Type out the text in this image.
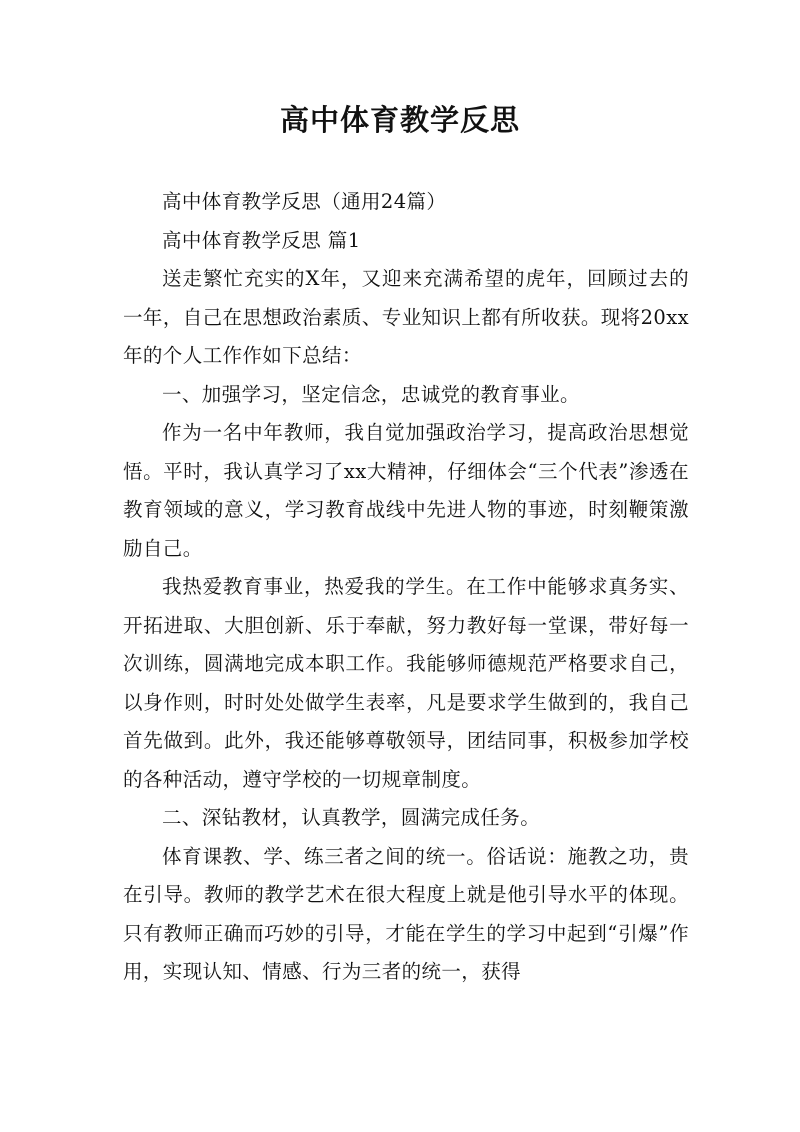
高中体育教学反思

高中体育教学反思（通用24篇）

高中体育教学反思 篇1

送走繁忙充实的X年，又迎来充满希望的虎年，回顾过去的一年，自己在思想政治素质、专业知识上都有所收获。现将20xx年的个人工作作如下总结：

一、加强学习，坚定信念，忠诚党的教育事业。

作为一名中年教师，我自觉加强政治学习，提高政治思想觉悟。平时，我认真学习了xx大精神，仔细体会“三个代表”渗透在教育领域的意义，学习教育战线中先进人物的事迹，时刻鞭策激励自己。

我热爱教育事业，热爱我的学生。在工作中能够求真务实、开拓进取、大胆创新、乐于奉献，努力教好每一堂课，带好每一次训练，圆满地完成本职工作。我能够师德规范严格要求自己，以身作则，时时处处做学生表率，凡是要求学生做到的，我自己首先做到。此外，我还能够尊敬领导，团结同事，积极参加学校的各种活动，遵守学校的一切规章制度。

二、深钻教材，认真教学，圆满完成任务。

体育课教、学、练三者之间的统一。俗话说：施教之功，贵在引导。教师的教学艺术在很大程度上就是他引导水平的体现。只有教师正确而巧妙的引导，才能在学生的学习中起到“引爆”作用，实现认知、情感、行为三者的统一，获得
